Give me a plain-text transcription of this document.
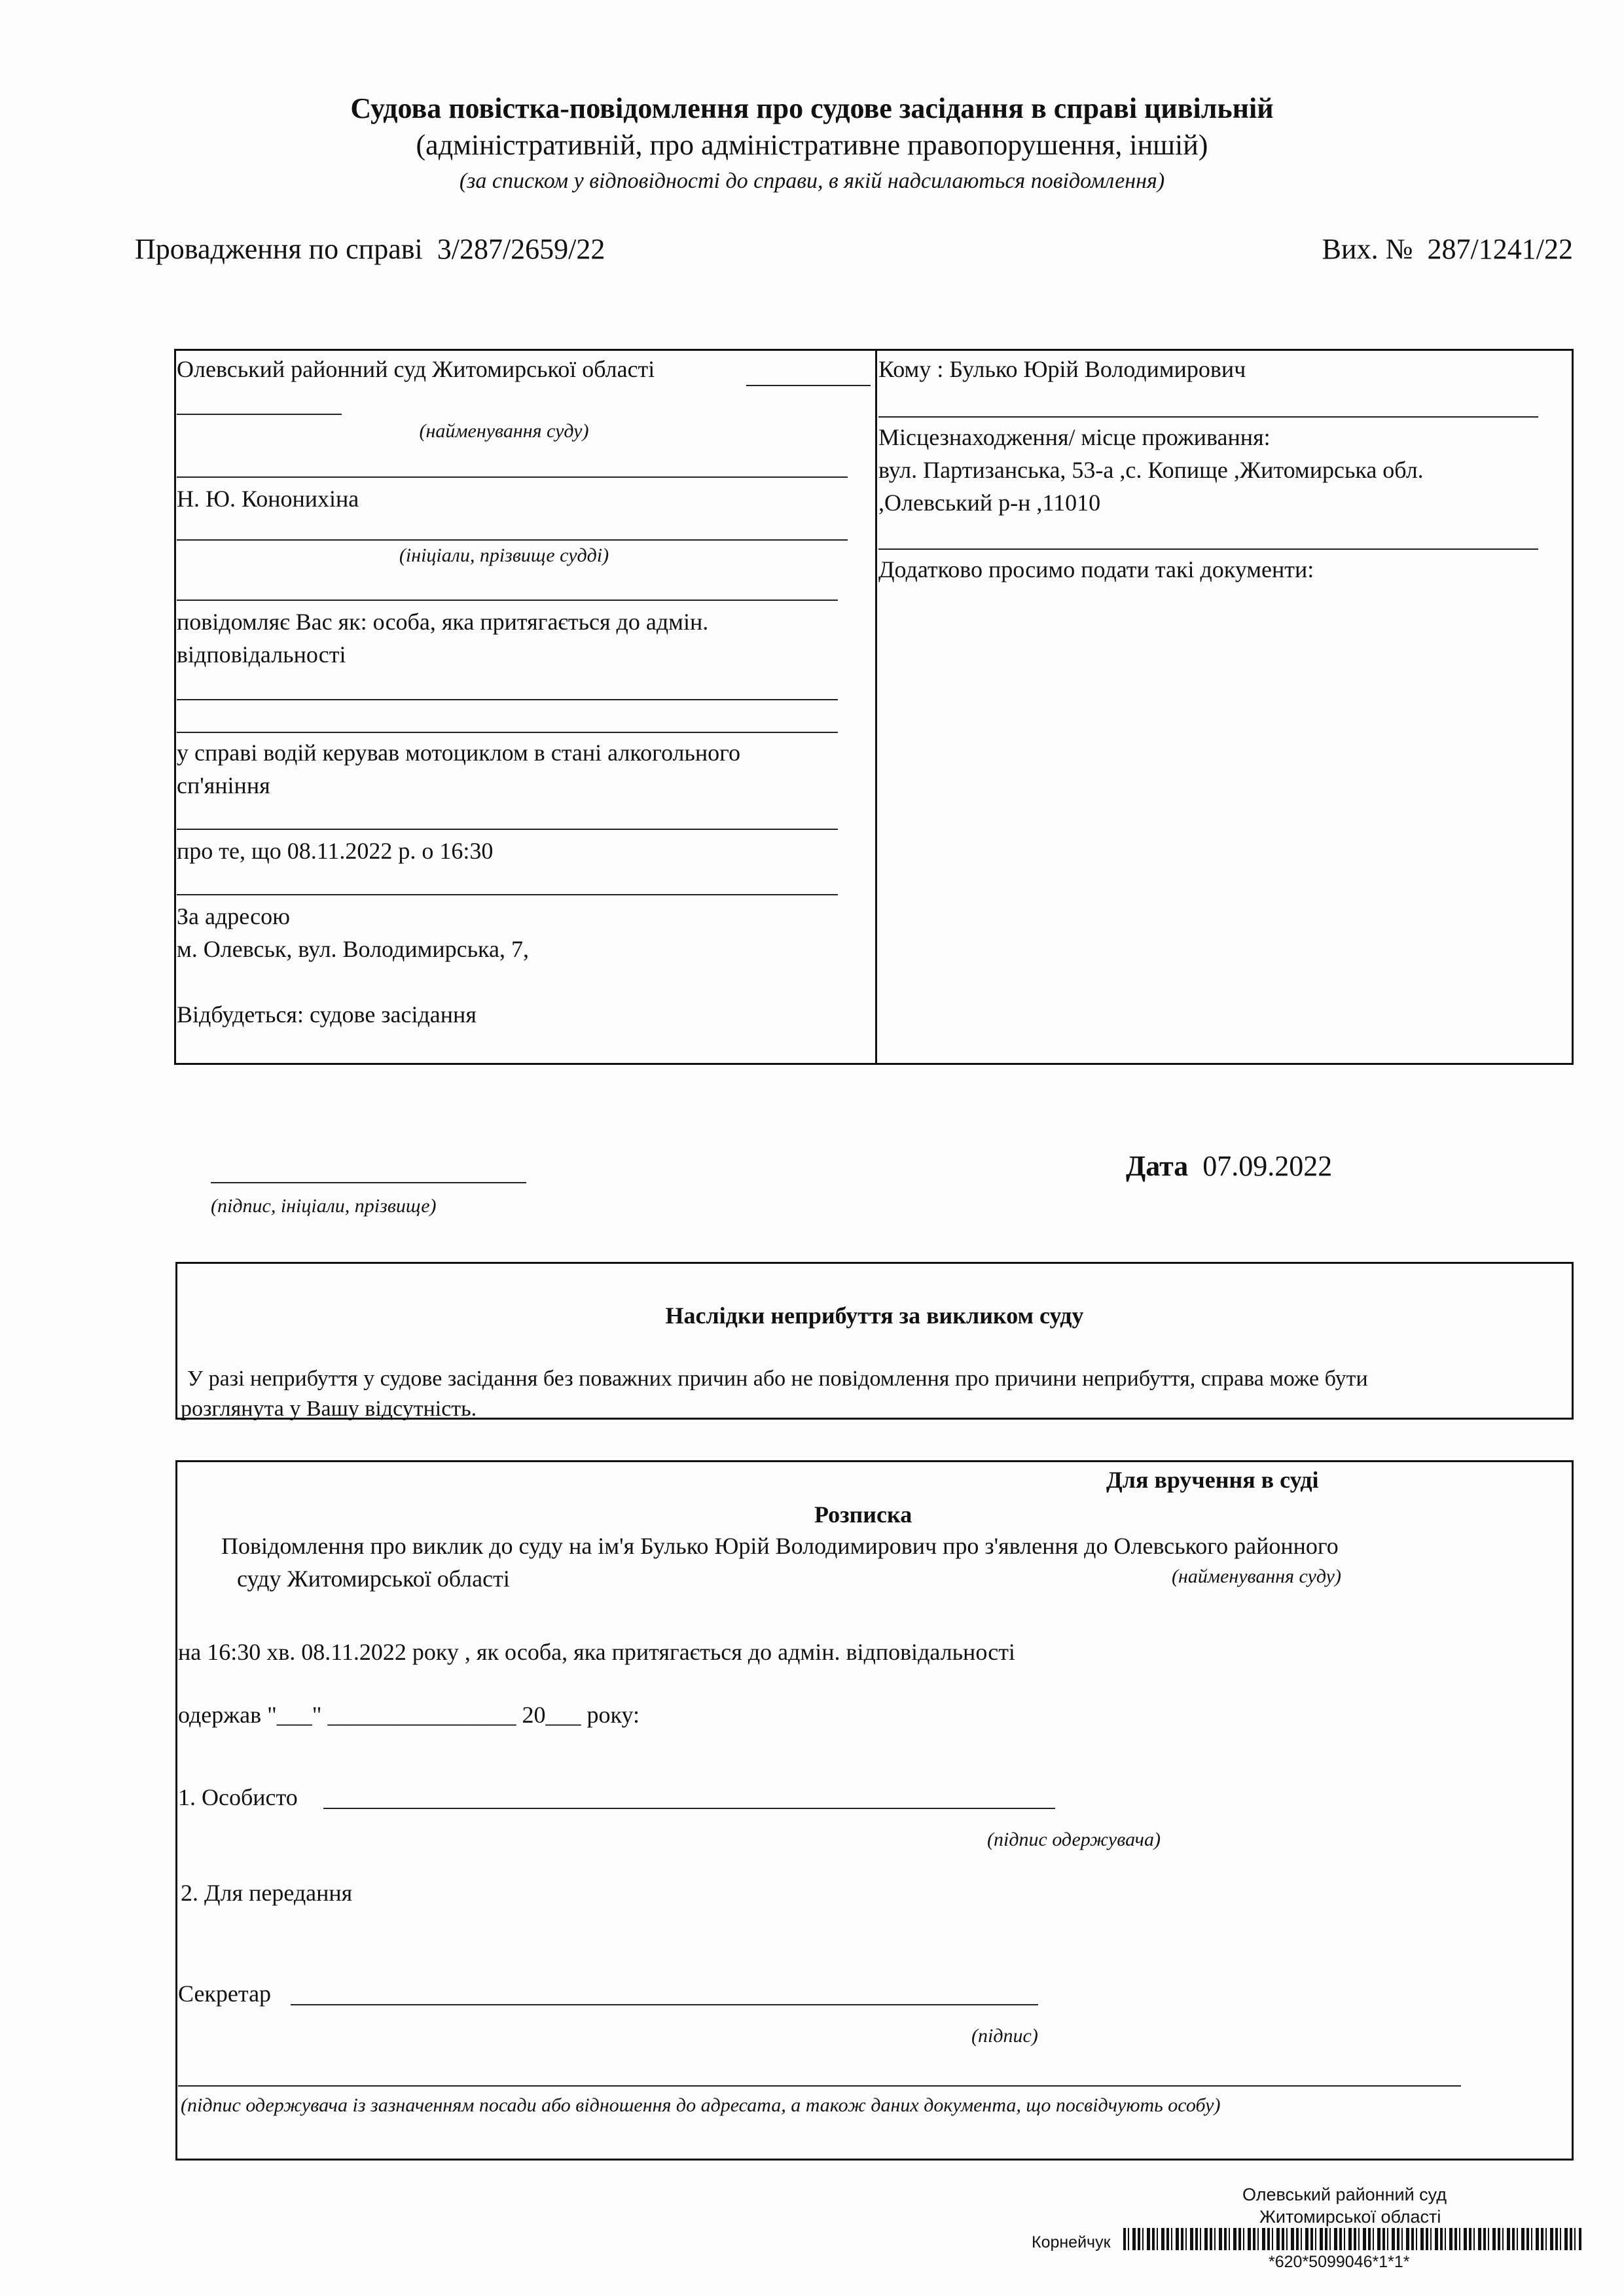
Судова повістка-повідомлення про судове засідання в справі цивільній
(адміністративній, про адміністративне правопорушення, іншій)
(за списком у відповідності до справи, в якій надсилаються повідомлення)
Провадження по справі 3/287/2659/22	Вих. № 287/1241/22
Олевський районний суд Житомирської області
(найменування суду)
Н. Ю. Кононихіна
(ініціали, прізвище судді)
повідомляє Вас як: особа, яка притягається до адмін.
відповідальності
у справі водій керував мотоциклом в стані алкогольного
сп'яніння
про те, що 08.11.2022 р. о 16:30
За адресою
м. Олевськ, вул. Володимирська, 7,
Відбудеться: судове засідання
Кому : Булько Юрій Володимирович
Місцезнаходження/ місце проживання:
вул. Партизанська, 53-а ,с. Копище ,Житомирська обл.
,Олевський р-н ,11010
Додатково просимо подати такі документи:
(підпис, ініціали, прізвище)
Дата 07.09.2022
Наслідки неприбуття за викликом суду
У разі неприбуття у судове засідання без поважних причин або не повідомлення про причини неприбуття, справа може бути
розглянута у Вашу відсутність.
Для вручення в суді
Розписка
Повідомлення про виклик до суду на ім'я Булько Юрій Володимирович про з'явлення до Олевського районного
суду Житомирської області	(найменування суду)
на 16:30 хв. 08.11.2022 року , як особа, яка притягається до адмін. відповідальності
одержав "___" ________________ 20___ року:
1. Особисто
(підпис одержувача)
2. Для передання
Секретар
(підпис)
(підпис одержувача із зазначенням посади або відношення до адресата, а також даних документа, що посвідчують особу)
Олевський районний суд
Житомирської області
Корнейчук
*620*5099046*1*1*
